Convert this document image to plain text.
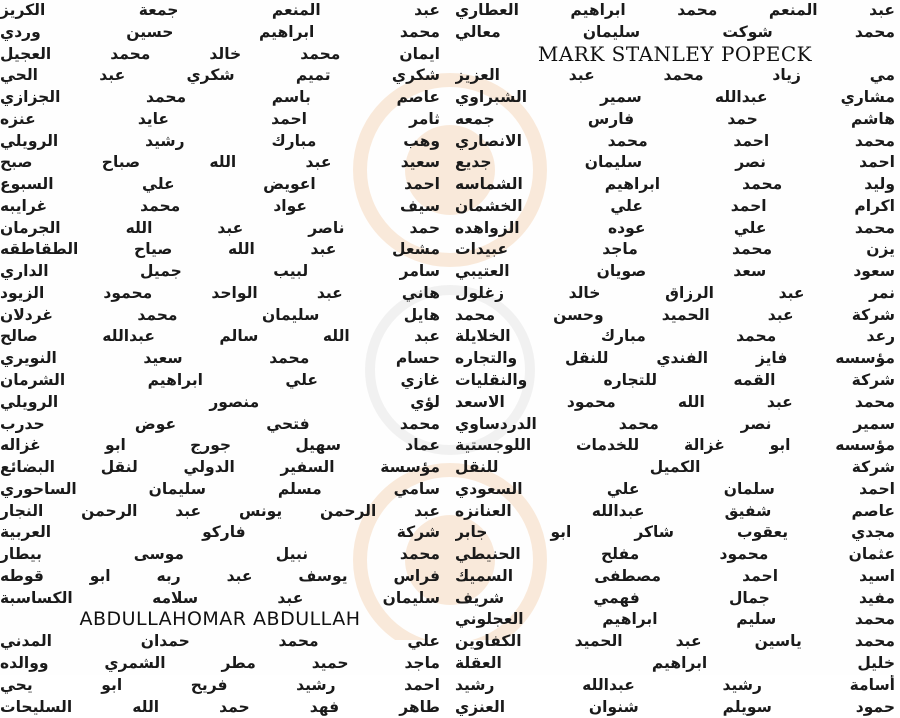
عبد المنعم محمد ابراهيم العطاري
محمد شوكت سليمان معالي
MARK STANLEY POPECK
مي زياد محمد عبد العزيز
مشاري عبدالله سمير الشبراوي
هاشم حمد فارس جمعه
محمد احمد محمد الانصاري
احمد نصر سليمان جديع
وليد محمد ابراهيم الشماسه
اكرام احمد علي الخشمان
محمد علي عوده الزواهده
يزن محمد ماجد عبيدات
سعود سعد صويان العتيبي
نمر عبد الرزاق خالد زغلول
شركة عبد الحميد وحسن محمد
رعد محمد مبارك الخلايلة
مؤسسه فايز الفندي للنقل والتجاره
شركة القمه للتجاره والنقليات
محمد عبد الله محمود الاسعد
سمير نصر محمد الدردساوي
مؤسسه ابو غزالة للخدمات اللوجستية
شركة الكميل للنقل
احمد سلمان علي السعودي
عاصم شفيق عبدالله العنانزه
مجدي يعقوب شاكر ابو جابر
عثمان محمود مفلح الحنيطي
اسيد احمد مصطفى السميك
مفيد جمال فهمي شريف
محمد سليم ابراهيم العجلوني
محمد ياسين عبد الحميد الكفاوين
خليل ابراهيم العقلة
أسامة رشيد عبدالله رشيد
حمود سويلم شنوان العنزي
عبد المنعم جمعة الكريز
محمد ابراهيم حسين وردي
ايمان محمد خالد محمد العجيل
شكري تميم شكري عبد الحي
عاصم باسم محمد الجزازي
ثامر احمد عايد عنزه
وهب مبارك رشيد الرويلي
سعيد عبد الله صباح صبح
احمد اعويض علي السبوع
سيف عواد محمد غرايبه
حمد ناصر عبد الله الجرمان
مشعل عبد الله صياح الطقاطقه
سامر لبيب جميل الداري
هاني عبد الواحد محمود الزيود
هايل سليمان محمد غردلان
عبد الله سالم عبدالله صالح
حسام محمد سعيد النويري
غازي علي ابراهيم الشرمان
لؤي منصور الرويلي
محمد فتحي عوض حدرب
عماد سهيل جورج ابو غزاله
مؤسسة السفير الدولي لنقل البضائع
سامي مسلم سليمان الساحوري
عبد الرحمن يونس عبد الرحمن النجار
شركة فاركو العربية
محمد نبيل موسى بيطار
فراس يوسف عبد ربه ابو قوطه
سليمان عبد سلامه الكساسبة
ABDULLAHOMAR ABDULLAH
علي محمد حمدان المدني
ماجد حميد مطر الشمري ووالده
احمد رشيد فريح ابو يحي
طاهر فهد حمد الله السليحات
